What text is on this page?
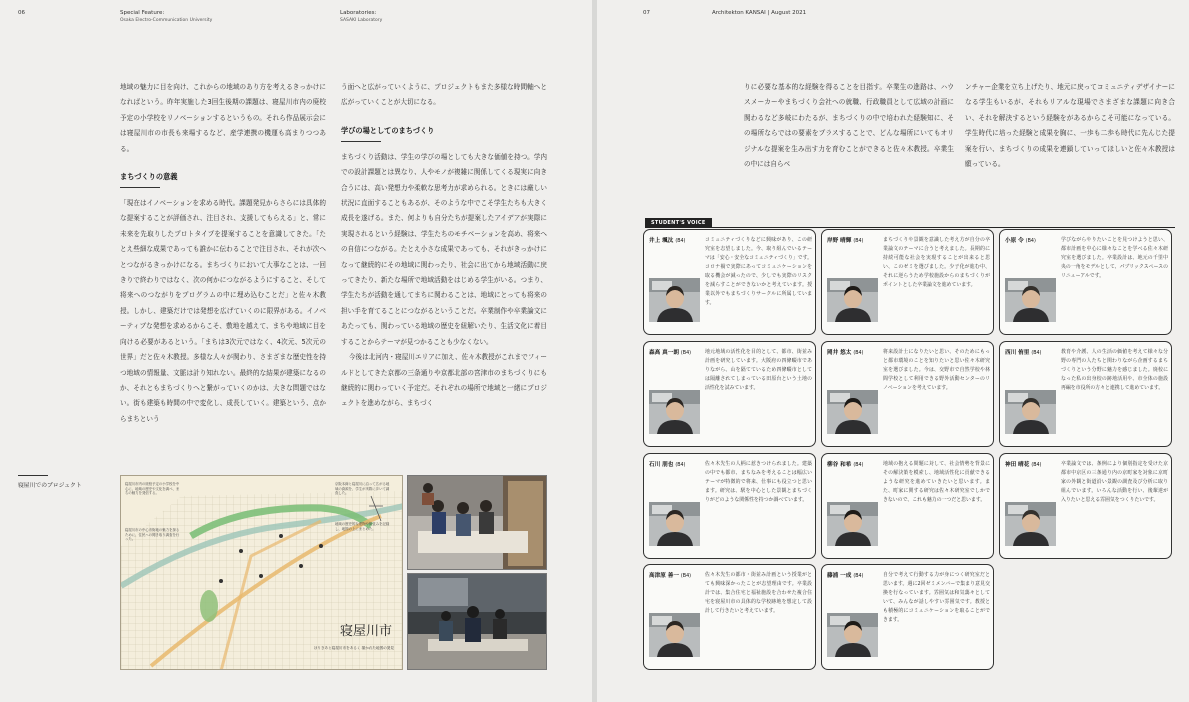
06	Special Feature:
Osaka Electro-Communication University
Laboratories:
SASAKI Laboratory

地域の魅力に目を向け、これからの地域のあり方を考えるきっかけになればという。昨年実施した3回生後期の課題は、寝屋川市内の廃校予定の小学校をリノベーションするというもの。それら作品展示会には寝屋川市の市長も来場するなど、産学連携の機運も高まりつつある。

まちづくりの意義

「現在はイノベーションを求める時代。課題発見からさらには具体的な提案することが評価され、注目され、支援してもらえる」と、常に未来を先取りしたプロトタイプを提案することを意識してきた。「たとえ些細な成果であっても誰かに伝わることで注目され、それが次へとつながるきっかけになる。まちづくりにおいて大事なことは、一回きりで終わりではなく、次の何かにつながるようにすること、そして将来へのつながりをプログラムの中に埋め込むことだ」と佐々木教授。しかし、建築だけでは発想を広げていくのに限界がある。イノベーティブな発想を求めるからこそ、敷地を越えて、まちや地域に目を向ける必要があるという。「まちは3次元ではなく、4次元、5次元の世界」だと佐々木教授。多様な人々が関わり、さまざまな歴史性を持つ地域の情報量、文脈は計り知れない。最終的な結果が建築になるのか、それともまちづくりへと繋がっていくのかは、大きな問題ではない。街も建築も時間の中で変化し、成長していく。建築という、点からまちという

う面へと広がっていくように、プロジェクトもまた多様な時間軸へと広がっていくことが大切になる。

学びの場としてのまちづくり

まちづくり活動は、学生の学びの場としても大きな価値を持つ。学内での設計課題とは異なり、人やモノが複雑に関係してくる現実に向き合うには、高い発想力や柔軟な思考力が求められる。ときには厳しい状況に直面することもあるが、そのような中でこそ学生たちも大きく成長を遂げる。また、何よりも自分たちが提案したアイデアが実際に実現されるという経験は、学生たちのモチベーションを高め、将来への自信につながる。たとえ小さな成果であっても、それがきっかけになって継続的にその地域に関わったり、社会に出てから地域活動に戻ってきたり、新たな場所で地域活動をはじめる学生がいる。つまり、学生たちが活動を通してまちに関わることは、地域にとっても将来の担い手を育てることにつながるということだ。卒業制作や卒業論文にあたっても、関わっている地域の歴史を紐解いたり、生活文化に着目することからテーマが見つかることも少なくない。

今後は北河内・寝屋川エリアに加え、佐々木教授がこれまでフィールドとしてきた京都の三条通りや京都北部の宮津市のまちづくりにも継続的に関わっていく予定だ。それぞれの場所で地域と一緒にプロジェクトを進めながら、まちづく

寝屋川でのプロジェクト	寝屋川市内の廃校予定の小学校を中心に、地域の歴史や文化を調べ、まちの魅力を発信する。
京阪本線と寝屋川に沿って広がる地域の資源を、学生が実際に歩いて調査した。
寝屋川市の中心市街地の魅力を探るために、住民への聞き取り調査を行った。
地域の歴史的な建物や街並みを記録し、地図の上にまとめた。
寝屋川市
ほりきあと寝屋川市をあるく 描かれた地図の発見
07	Architekton KANSAI | August 2021

りに必要な基本的な経験を得ることを目指す。卒業生の進路は、ハウスメーカーやまちづくり会社への就職、行政職員として広域の計画に関わるなど多岐にわたるが、まちづくりの中で培われた経験知に、その場所ならではの要素をプラスすることで、どんな場所にいてもオリジナルな提案を生み出す力を育むことができると佐々木教授。卒業生の中には自らベ

ンチャー企業を立ち上げたり、地元に戻ってコミュニティデザイナーになる学生もいるが、それもリアルな現場でさまざまな課題に向き合い、それを解決するという経験をがあるからこそ可能になっている。学生時代に培った経験と成果を胸に、一歩も二歩も時代に先んじた提案を行い、まちづくりの成果を連鎖していってほしいと佐々木教授は願っている。

STUDENT'S VOICE
井上 颯汰 (B4)	コミュニティづくりなどに興味があり、この研究室を志望しました。今、取り組んでいるテーマは「安心・安全なコミュニティづくり」です。コロナ禍で実際にあってコミュニケーションを取る機会が減ったので、少しでも実際のリスクを減らすことができないかと考えています。授業以外でもまちづくりサークルに所属しています。
岸野 晴輝 (B4)	まちづくりや景観を意識した考え方が自分の卒業論文のテーマに合うと考えました。長期的に持続可能な社会を実現することが出来ると思い、このゼミを選びました。少子化が進む中、それに逆らうため学校施設からのまちづくりがポイントとした卒業論文を進めています。
小原 令 (B4)	学びながらやりたいことを見つけようと思い、都市計画を中心に様々なことを学べる佐々木研究室を選びました。卒業設計は、地元の千里中央の一角をモデルとして、パブリックスペースのリニューアルです。
森高 真一朗 (B4)	地元地域の活性化を目的として、都市、街並み計画を研究しています。大阪府の四條畷市でありながら、山を隔てているため四條畷市としては隔離されてしまっている田原台という土地の活性化を試みています。
岡井 悠太 (B4)	将来設計士になりたいと思い、そのためにもっと都市環境のことを知りたいと思い佐々木研究室を選びました。今は、交野市で自然学校や林間学校として利用できる野外活動センターのリノベーションを考えています。
西川 侑里 (B4)	教育や介護、人の生活の価値を考えて様々な分野の専門の人たちと関わりながら企画するまちづくりという分野に魅力を感じました。廃校になった私の出身校の跡地活用や、市全体の施設再編を市役所の方々と連携して進めています。
石川 朋也 (B4)	佐々木先生の人柄に惹きつけられました。建築の中でも都市、まちなみを考えることは幅広いテーマが特徴的で将来、仕事にも役立つと思います。研究は、駅を中心とした景観とまちづくりがどのような関係性を持つか調べています。
柳谷 和希 (B4)	地域の抱える問題に対して、社会情勢を背景にその解決策を模索し、地域活性化に貢献できるような研究を進めていきたいと思います。また、町家に関する研究は佐々木研究室でしかできないので、これも魅力の一つだと思います。
神田 晴花 (B4)	卒業論文では、条例により個別指定を受けた京都市中京区の三条通り内の京町家を対象に京町家の外観と街道沿い景観の調査及び分析に取り組んでいます。いろんな活動を行い、後輩達が入りたいと思える雰囲気をつくりたいです。
高津原 善一 (B4)	佐々木先生の都市・街並み計画という授業がとても興味深かったことが志望理由です。卒業設計では、集合住宅と福祉施設を合わせた複合住宅を寝屋川市の具体的な学校跡地を想定して設計して行きたいと考えています。
藤浦 一成 (B4)	自分で考えて行動する力が身につく研究室だと思います。週に2回ゼミメンバーで集まり意見交換を行なっています。雰囲気は和気藹々としていて、みんなが話しやすい雰囲気です。教授とも積極的にコミュニケーションを取ることができます。
